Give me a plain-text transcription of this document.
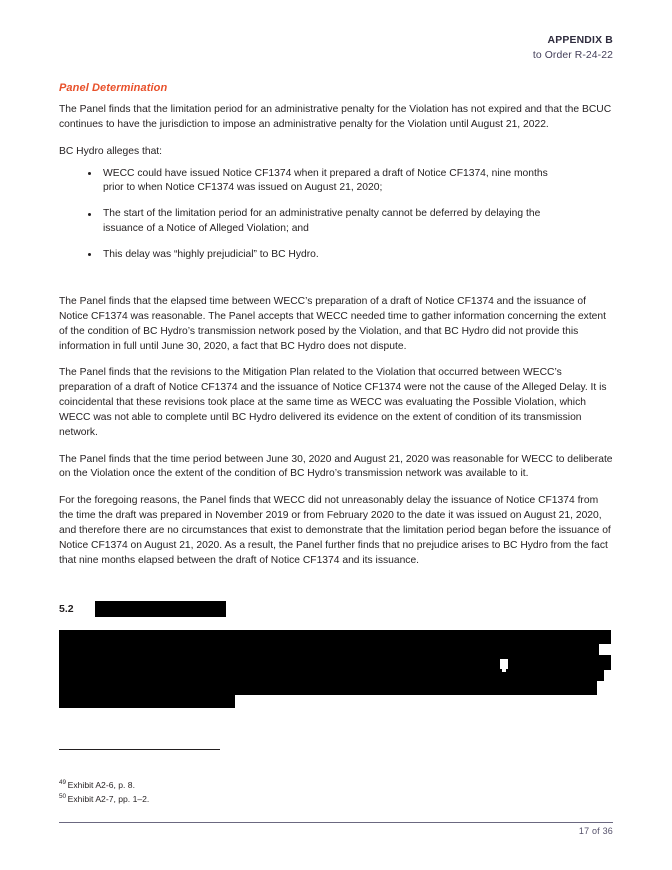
APPENDIX B
to Order R-24-22
Panel Determination

The Panel finds that the limitation period for an administrative penalty for the Violation has not expired and that the BCUC continues to have the jurisdiction to impose an administrative penalty for the Violation until August 21, 2022.

BC Hydro alleges that:

WECC could have issued Notice CF1374 when it prepared a draft of Notice CF1374, nine months prior to when Notice CF1374 was issued on August 21, 2020;
The start of the limitation period for an administrative penalty cannot be deferred by delaying the issuance of a Notice of Alleged Violation; and
This delay was “highly prejudicial” to BC Hydro.

The Panel finds that the elapsed time between WECC’s preparation of a draft of Notice CF1374 and the issuance of Notice CF1374 was reasonable. The Panel accepts that WECC needed time to gather information concerning the extent of the condition of BC Hydro’s transmission network posed by the Violation, and that BC Hydro did not provide this information in full until June 30, 2020, a fact that BC Hydro does not dispute.

The Panel finds that the revisions to the Mitigation Plan related to the Violation that occurred between WECC’s preparation of a draft of Notice CF1374 and the issuance of Notice CF1374 were not the cause of the Alleged Delay. It is coincidental that these revisions took place at the same time as WECC was evaluating the Possible Violation, which WECC was not able to complete until BC Hydro delivered its evidence on the extent of condition of its transmission network.

The Panel finds that the time period between June 30, 2020 and August 21, 2020 was reasonable for WECC to deliberate on the Violation once the extent of the condition of BC Hydro’s transmission network was available to it.

For the foregoing reasons, the Panel finds that WECC did not unreasonably delay the issuance of Notice CF1374 from the time the draft was prepared in November 2019 or from February 2020 to the date it was issued on August 21, 2020, and therefore there are no circumstances that exist to demonstrate that the limitation period began before the issuance of Notice CF1374 on August 21, 2020. As a result, the Panel further finds that no prejudice arises to BC Hydro from the fact that nine months elapsed between the draft of Notice CF1374 and its issuance.

5.2
$^{49}$ Exhibit A2-6, p. 8.
$^{50}$ Exhibit A2-7, pp. 1–2.
17 of 36
